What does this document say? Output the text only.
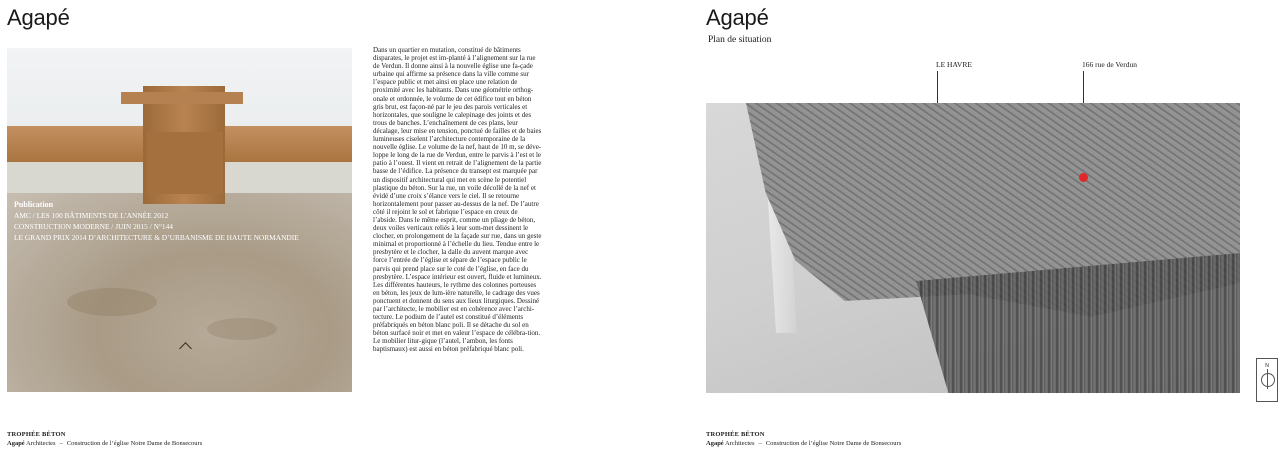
Agapé
Publication
AMC / LES 100 BÂTIMENTS DE L’ANNÉE 2012
CONSTRUCTION MODERNE / JUIN 2015 / N°144
LE GRAND PRIX 2014 D’ARCHITECTURE & D’URBANISME DE HAUTE NORMANDIE
Dans un quartier en mutation, constitué de bâtiments disparates, le projet est im-planté à l’alignement sur la rue de Verdun. Il donne ainsi à la nouvelle église une fa-çade urbaine qui affirme sa présence dans la ville comme sur l’espace public et met ainsi en place une relation de proximité avec les habitants. Dans une géométrie orthog-onale et ordonnée, le volume de cet édifice tout en béton gris brut, est façon-né par le jeu des parois verticales et horizontales, que souligne le calepinage des joints et des trous de banches. L’enchaînement de ces plans, leur décalage, leur mise en tension, ponctué de failles et de baies lumineuses ciselent l’architecture contemporaine de la nouvelle église. Le volume de la nef, haut de 10 m, se déve-loppe le long de la rue de Verdun, entre le parvis à l’est et le patio à l’ouest. Il vient en retrait de l’alignement de la partie basse de l’édifice. La présence du transept est marquée par un dispositif architectural qui met en scène le potentiel plastique du béton. Sur la rue, un voile décollé de la nef et évidé d’une croix s’élance vers le ciel. Il se retourne horizontalement pour passer au-dessus de la nef. De l’autre côté il rejoint le sol et fabrique l’espace en creux de l’abside. Dans le même esprit, comme un pliage de béton, deux voiles verticaux reliés à leur som-met dessinent le clocher, en prolongement de la façade sur rue, dans un geste minimal et proportionné à l’échelle du lieu. Tendue entre le presbytère et le clocher, la dalle du auvent marque avec force l’entrée de l’église et sépare de l’espace public le parvis qui prend place sur le coté de l’église, en face du presbytère. L’espace intérieur est ouvert, fluide et lumineux. Les différentes hauteurs, le rythme des colonnes porteuses en béton, les jeux de lum-ière naturelle, le cadrage des vues ponctuent et donnent du sens aux lieux liturgiques. Dessiné par l’architecte, le mobilier est en cohérence avec l’archi-tecture. Le podium de l’autel est constitué d’éléments préfabriqués en béton blanc poli. Il se détache du sol en béton surfacé noir et met en valeur l’espace de célébra-tion. Le mobilier litur-gique (l’autel, l’ambon, les fonts baptismaux) est aussi en béton préfabriqué blanc poli.
TROPHÉE BÉTON
Agapé Architectes – Construction de l’église Notre Dame de Bonsecours
Agapé
Plan de situation
LE HAVRE	166 rue de Verdun
N
TROPHÉE BÉTON
Agapé Architectes – Construction de l’église Notre Dame de Bonsecours
